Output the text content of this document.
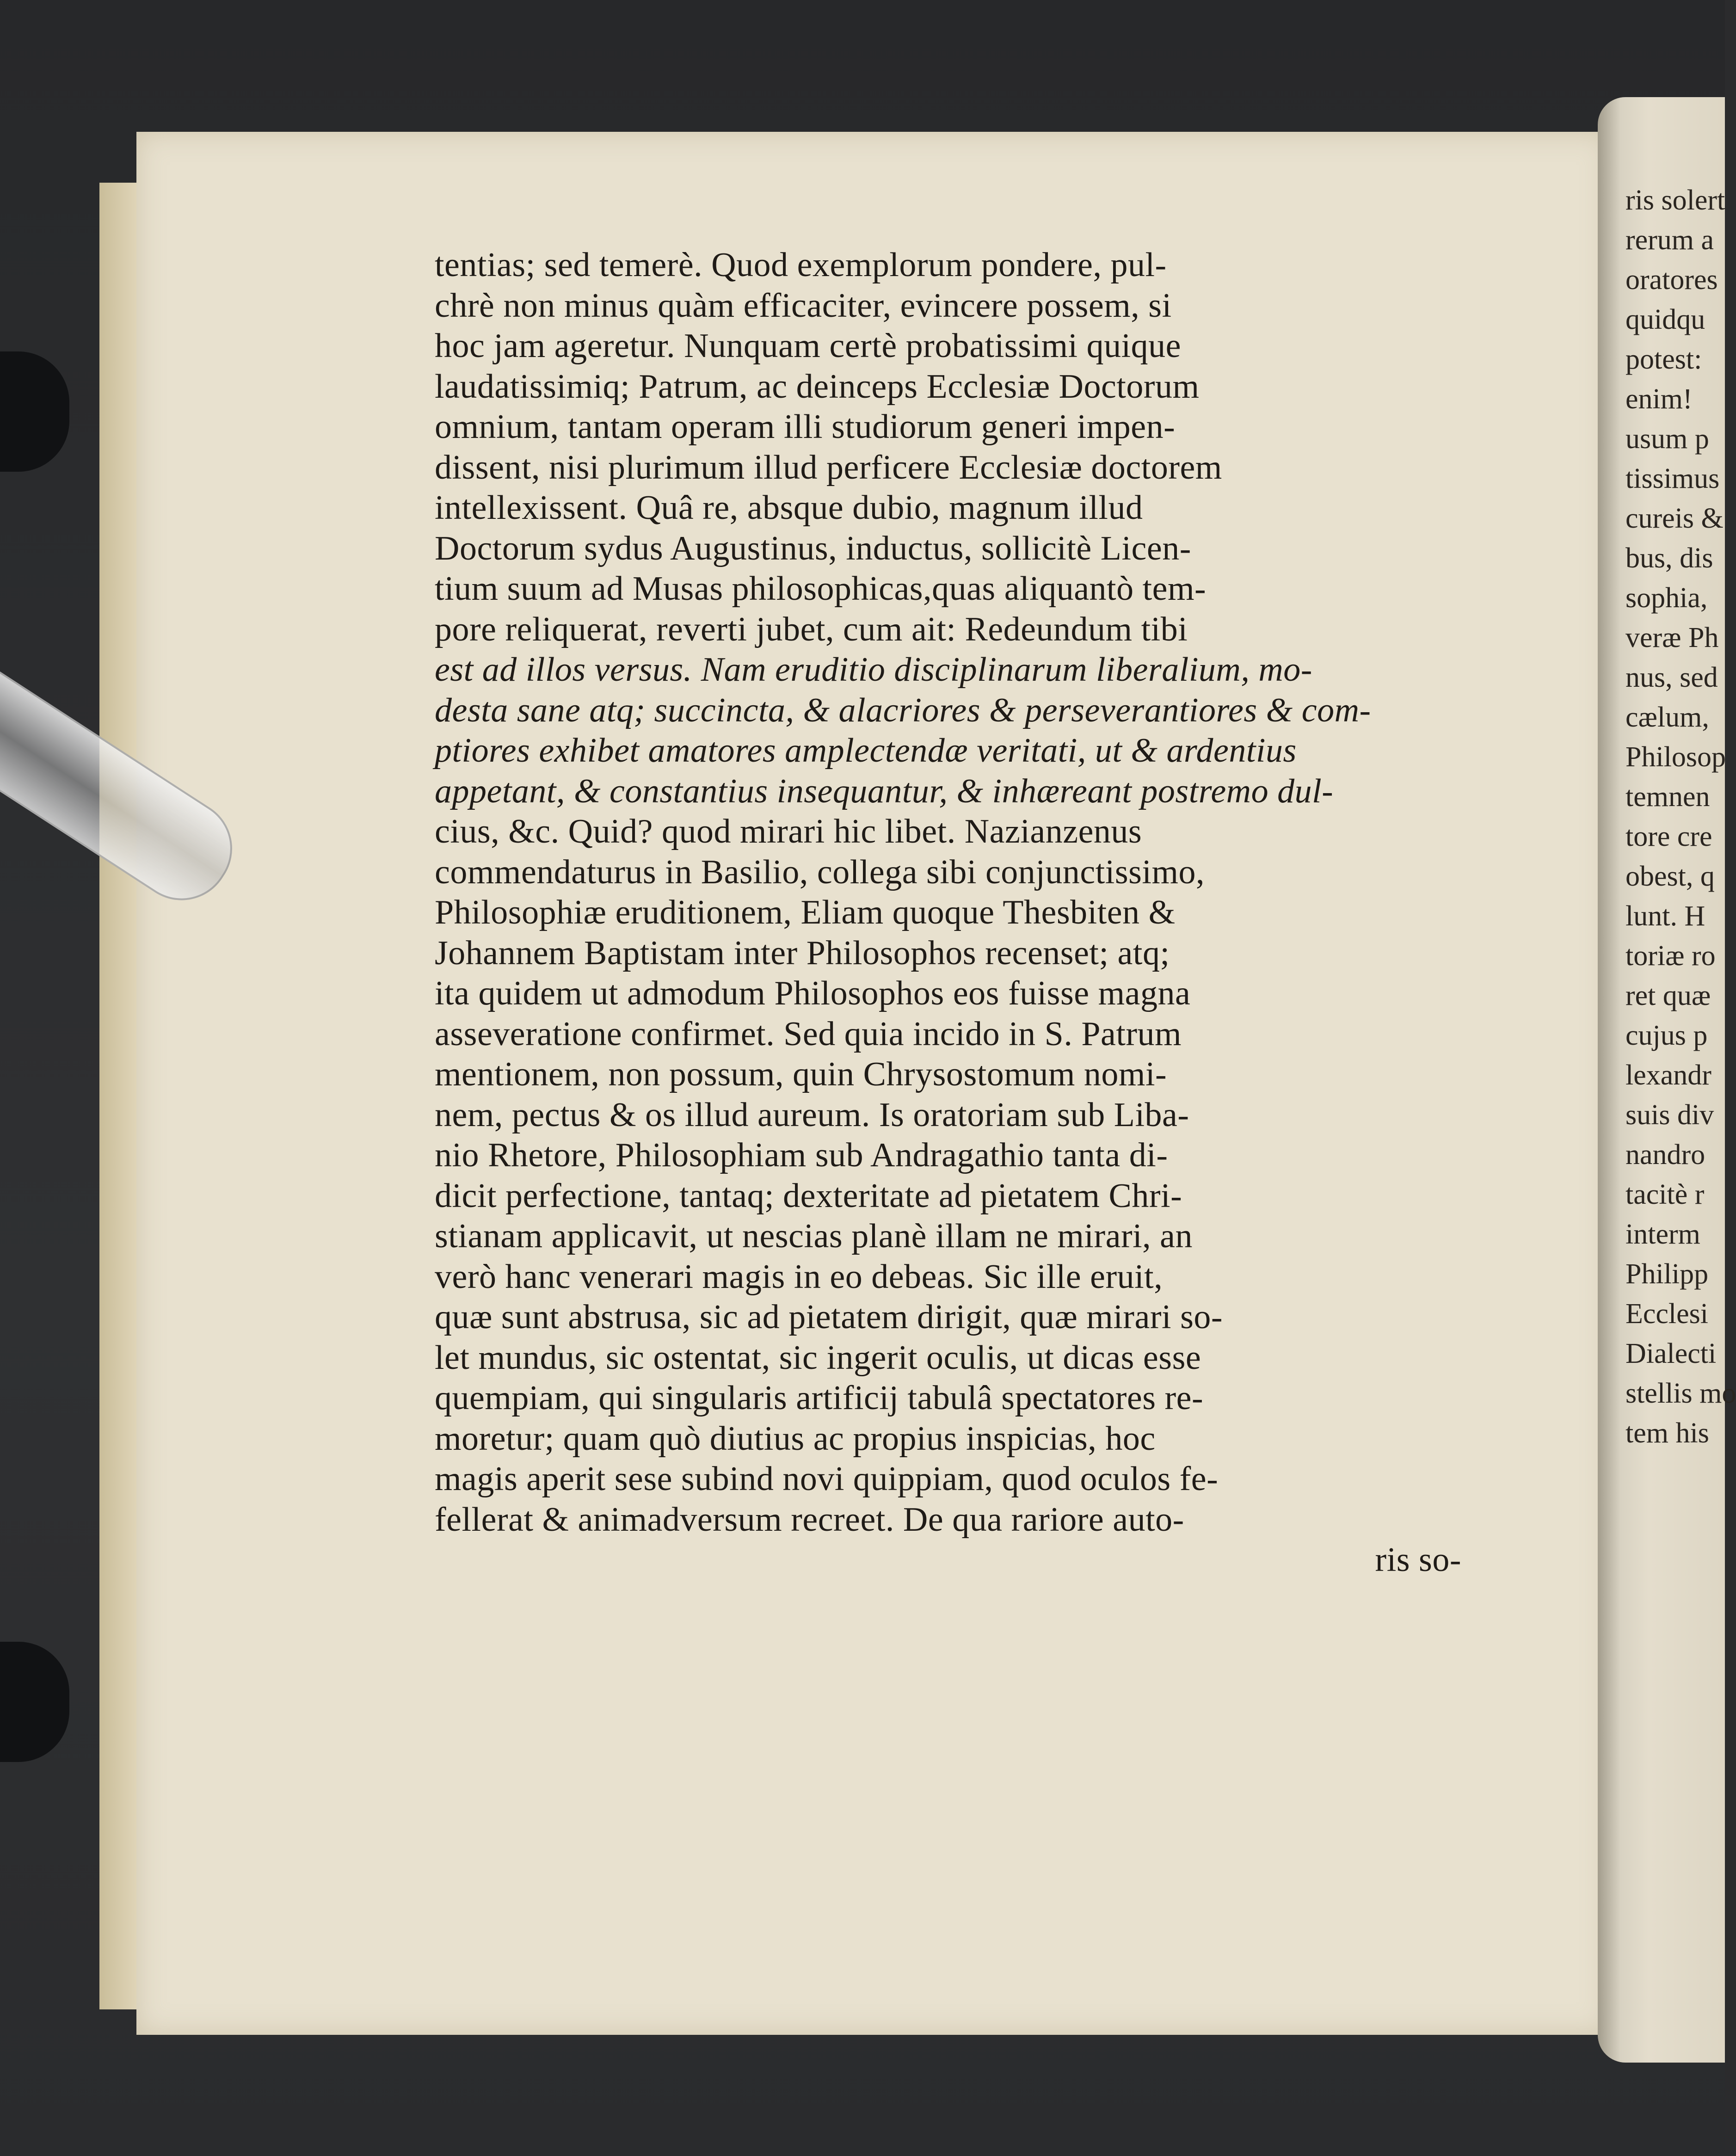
tentias; sed temerè. Quod exemplorum pondere, pul-
chrè non minus quàm efficaciter, evincere possem, si
hoc jam ageretur. Nunquam certè probatissimi quique
laudatissimiq; Patrum, ac deinceps Ecclesiæ Doctorum
omnium, tantam operam illi studiorum generi impen-
dissent, nisi plurimum illud perficere Ecclesiæ doctorem
intellexissent. Quâ re, absque dubio, magnum illud
Doctorum sydus Augustinus, inductus, sollicitè Licen-
tium suum ad Musas philosophicas,quas aliquantò tem-
pore reliquerat, reverti jubet, cum ait: Redeundum tibi
est ad illos versus. Nam eruditio disciplinarum liberalium, mo-
desta sane atq; succincta, & alacriores & perseverantiores & com-
ptiores exhibet amatores amplectendæ veritati, ut & ardentius
appetant, & constantius insequantur, & inhæreant postremo dul-
cius, &c. Quid? quod mirari hic libet. Nazianzenus
commendaturus in Basilio, collega sibi conjunctissimo,
Philosophiæ eruditionem, Eliam quoque Thesbiten &
Johannem Baptistam inter Philosophos recenset; atq;
ita quidem ut admodum Philosophos eos fuisse magna
asseveratione confirmet. Sed quia incido in S. Patrum
mentionem, non possum, quin Chrysostomum nomi-
nem, pectus & os illud aureum. Is oratoriam sub Liba-
nio Rhetore, Philosophiam sub Andragathio tanta di-
dicit perfectione, tantaq; dexteritate ad pietatem Chri-
stianam applicavit, ut nescias planè illam ne mirari, an
verò hanc venerari magis in eo debeas. Sic ille eruit,
quæ sunt abstrusa, sic ad pietatem dirigit, quæ mirari so-
let mundus, sic ostentat, sic ingerit oculis, ut dicas esse
quempiam, qui singularis artificij tabulâ spectatores re-
moretur; quam quò diutius ac propius inspicias, hoc
magis aperit sese subind novi quippiam, quod oculos fe-
fellerat & animadversum recreet. De qua rariore auto-
ris so-
ris solert
rerum a
oratores
quidqu
potest:
enim!
usum p
tissimus
cureis &
bus, dis
sophia,
veræ Ph
nus, sed
cælum,
Philosop
temnen
tore cre
obest, q
lunt. H
toriæ ro
ret quæ
cujus p
lexandr
suis div
nandro
tacitè r
interm
Philipp
Ecclesi
Dialecti
stellis mo
tem his
